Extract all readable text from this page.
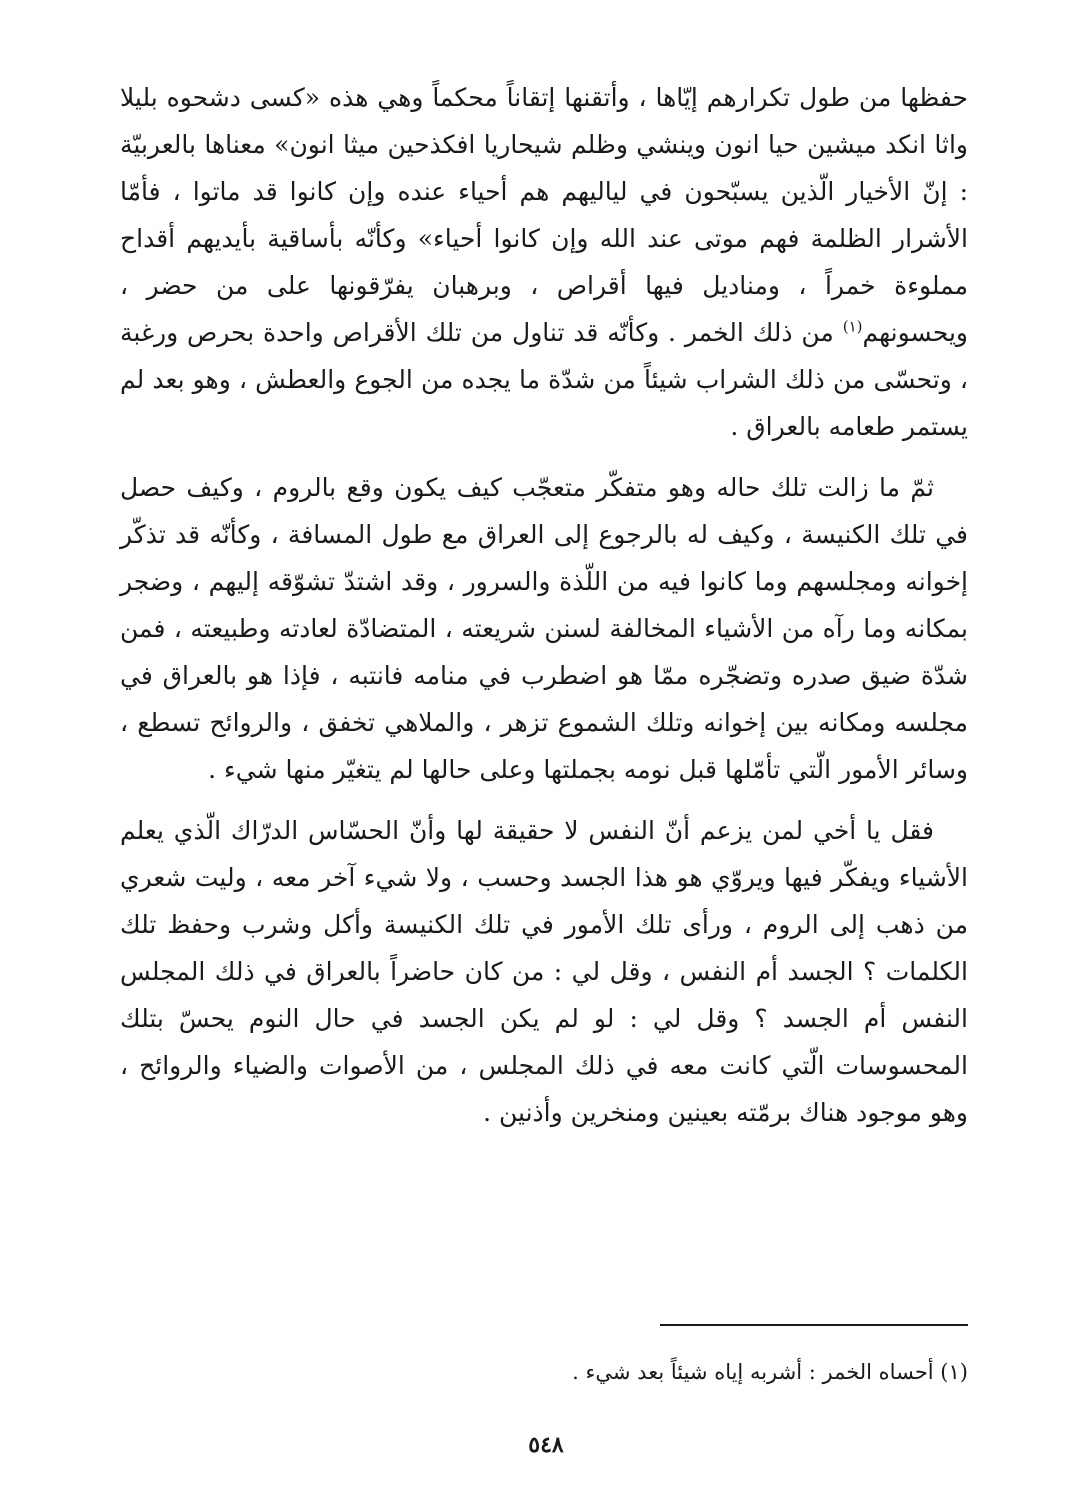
حفظها من طول تكرارهم إيّاها ، وأتقنها إتقاناً محكماً وهي هذه «كسى دشحوه بليلا واثا انكد ميشين حيا انون وينشي وظلم شيحاريا افكذحين ميثا انون» معناها بالعربيّة : إنّ الأخيار الّذين يسبّحون في لياليهم هم أحياء عنده وإن كانوا قد ماتوا ، فأمّا الأشرار الظلمة فهم موتى عند الله وإن كانوا أحياء» وكأنّه بأساقية بأيديهم أقداح مملوءة خمراً ، ومناديل فيها أقراص ، وبرهبان يفرّقونها على من حضر ، ويحسونهم$^{(١)}$ من ذلك الخمر . وكأنّه قد تناول من تلك الأقراص واحدة بحرص ورغبة ، وتحسّى من ذلك الشراب شيئاً من شدّة ما يجده من الجوع والعطش ، وهو بعد لم يستمر طعامه بالعراق .

ثمّ ما زالت تلك حاله وهو متفكّر متعجّب كيف يكون وقع بالروم ، وكيف حصل في تلك الكنيسة ، وكيف له بالرجوع إلى العراق مع طول المسافة ، وكأنّه قد تذكّر إخوانه ومجلسهم وما كانوا فيه من اللّذة والسرور ، وقد اشتدّ تشوّقه إليهم ، وضجر بمكانه وما رآه من الأشياء المخالفة لسنن شريعته ، المتضادّة لعادته وطبيعته ، فمن شدّة ضيق صدره وتضجّره ممّا هو اضطرب في منامه فانتبه ، فإذا هو بالعراق في مجلسه ومكانه بين إخوانه وتلك الشموع تزهر ، والملاهي تخفق ، والروائح تسطع ، وسائر الأمور الّتي تأمّلها قبل نومه بجملتها وعلى حالها لم يتغيّر منها شيء .

فقل يا أخي لمن يزعم أنّ النفس لا حقيقة لها وأنّ الحسّاس الدرّاك الّذي يعلم الأشياء ويفكّر فيها ويروّي هو هذا الجسد وحسب ، ولا شيء آخر معه ، وليت شعري من ذهب إلى الروم ، ورأى تلك الأمور في تلك الكنيسة وأكل وشرب وحفظ تلك الكلمات ؟ الجسد أم النفس ، وقل لي : من كان حاضراً بالعراق في ذلك المجلس النفس أم الجسد ؟ وقل لي : لو لم يكن الجسد في حال النوم يحسّ بتلك المحسوسات الّتي كانت معه في ذلك المجلس ، من الأصوات والضياء والروائح ، وهو موجود هناك برمّته بعينين ومنخرين وأذنين .

(١) أحساه الخمر : أشربه إياه شيئاً بعد شيء .
٥٤٨
